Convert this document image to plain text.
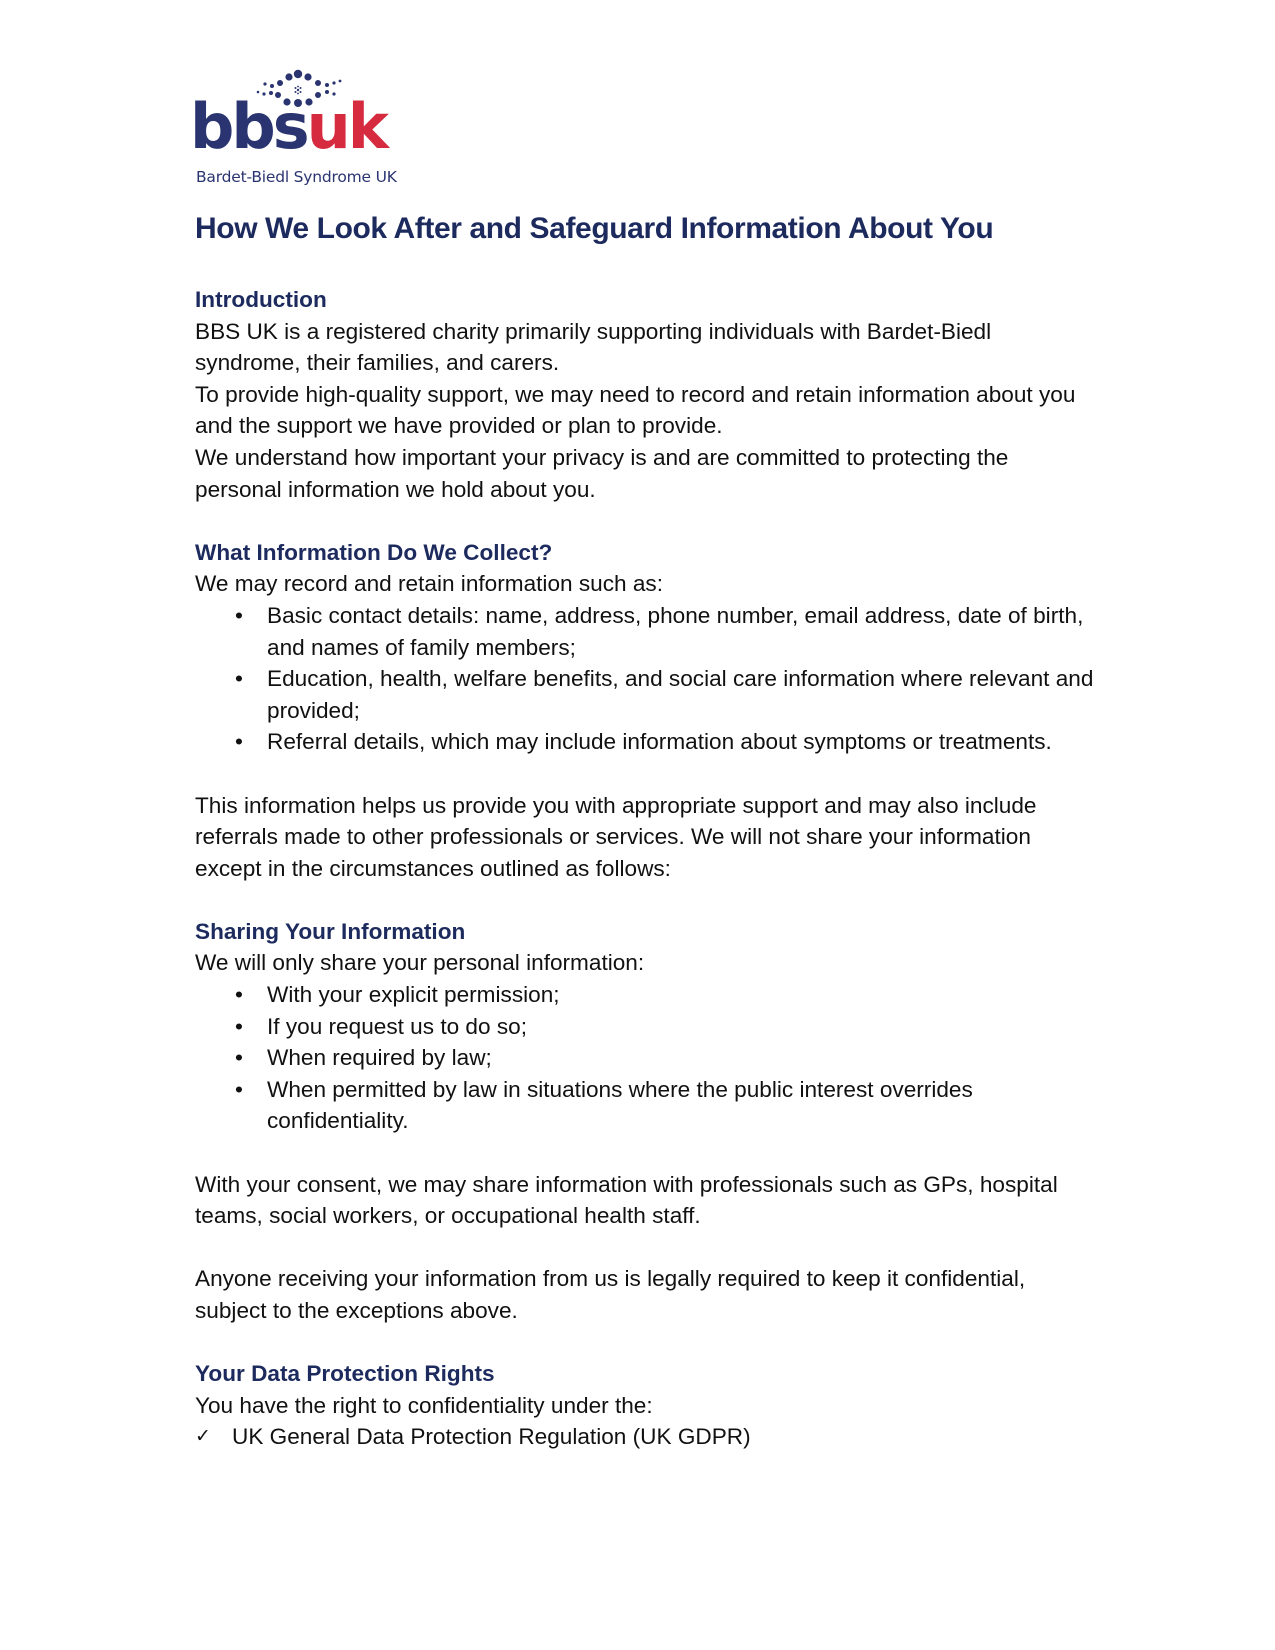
bbsuk
Bardet-Biedl Syndrome UK
How We Look After and Safeguard Information About You
Introduction

BBS UK is a registered charity primarily supporting individuals with Bardet-Biedl syndrome, their families, and carers.

To provide high-quality support, we may need to record and retain information about you and the support we have provided or plan to provide.

We understand how important your privacy is and are committed to protecting the personal information we hold about you.

What Information Do We Collect?

We may record and retain information such as:

• Basic contact details: name, address, phone number, email address, date of birth, and names of family members;
• Education, health, welfare benefits, and social care information where relevant and provided;
• Referral details, which may include information about symptoms or treatments.

This information helps us provide you with appropriate support and may also include referrals made to other professionals or services. We will not share your information except in the circumstances outlined as follows:

Sharing Your Information

We will only share your personal information:

• With your explicit permission;
• If you request us to do so;
• When required by law;
• When permitted by law in situations where the public interest overrides confidentiality.

With your consent, we may share information with professionals such as GPs, hospital teams, social workers, or occupational health staff.

Anyone receiving your information from us is legally required to keep it confidential, subject to the exceptions above.

Your Data Protection Rights

You have the right to confidentiality under the:

✓ UK General Data Protection Regulation (UK GDPR)
